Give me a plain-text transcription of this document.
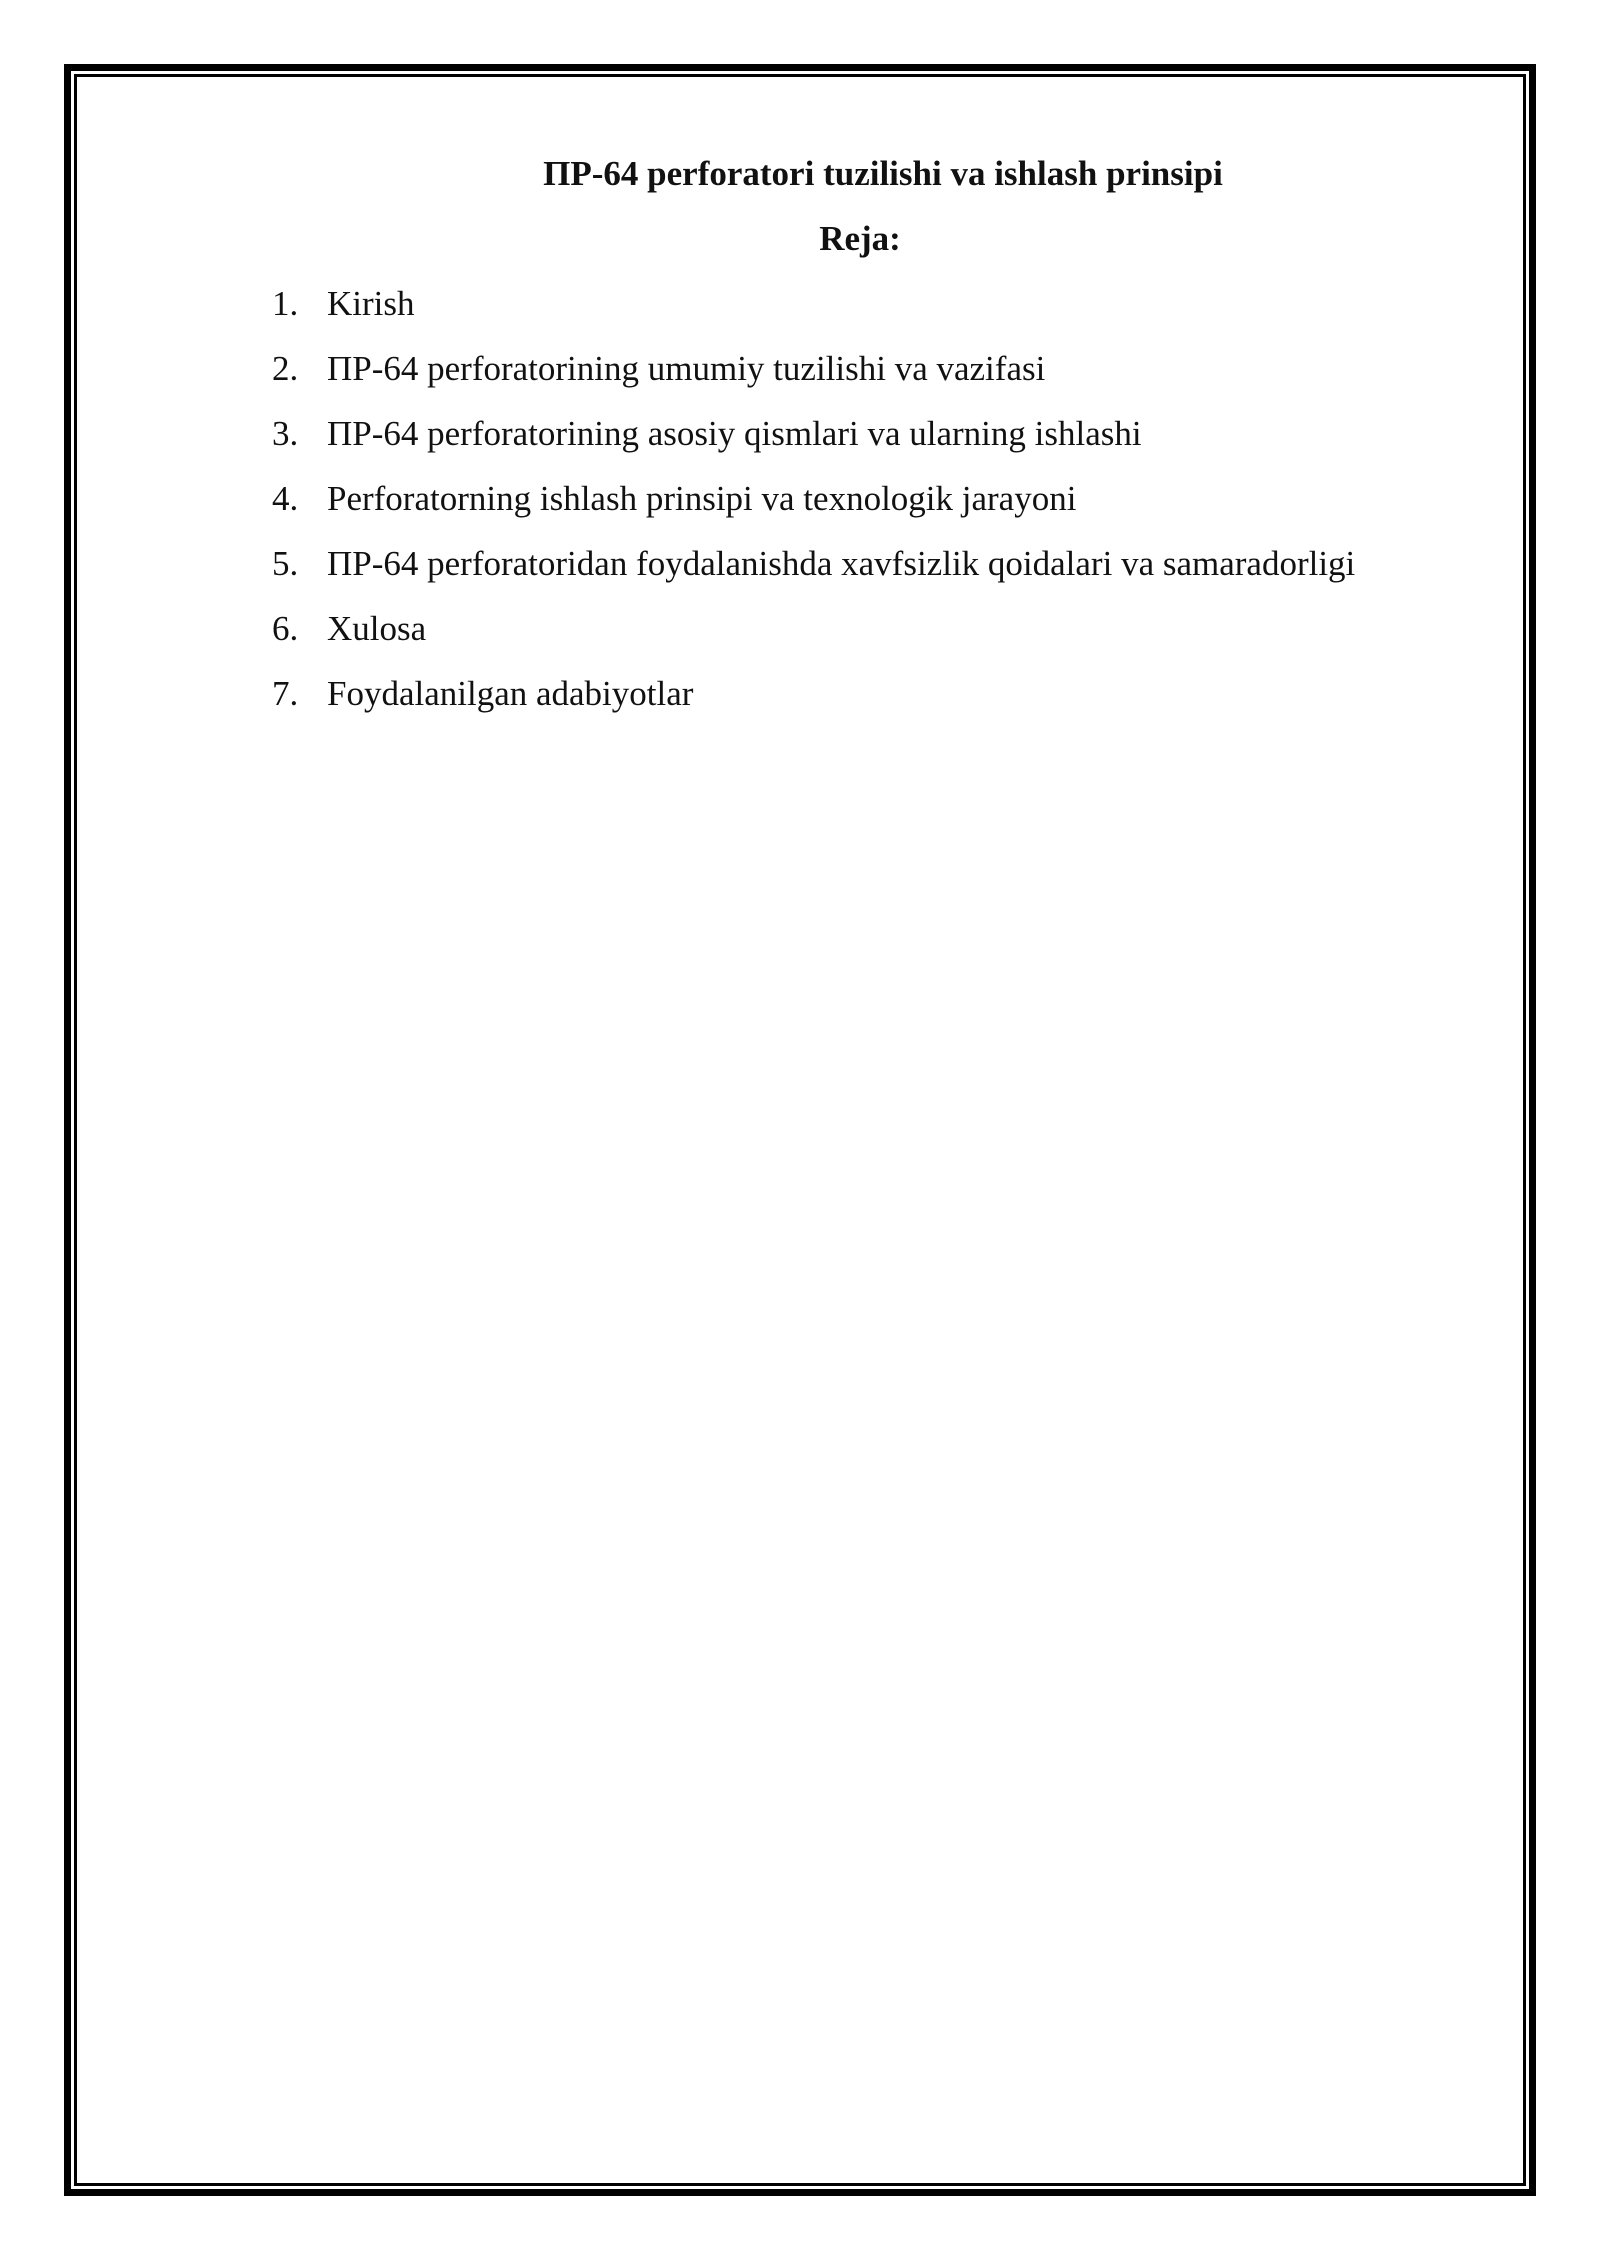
ПР-64 perforatori tuzilishi va ishlash prinsipi
Reja:
1. Kirish
2. ПР-64 perforatorining umumiy tuzilishi va vazifasi
3. ПР-64 perforatorining asosiy qismlari va ularning ishlashi
4. Perforatorning ishlash prinsipi va texnologik jarayoni
5. ПР-64 perforatoridan foydalanishda xavfsizlik qoidalari va samaradorligi
6. Xulosa
7. Foydalanilgan adabiyotlar
